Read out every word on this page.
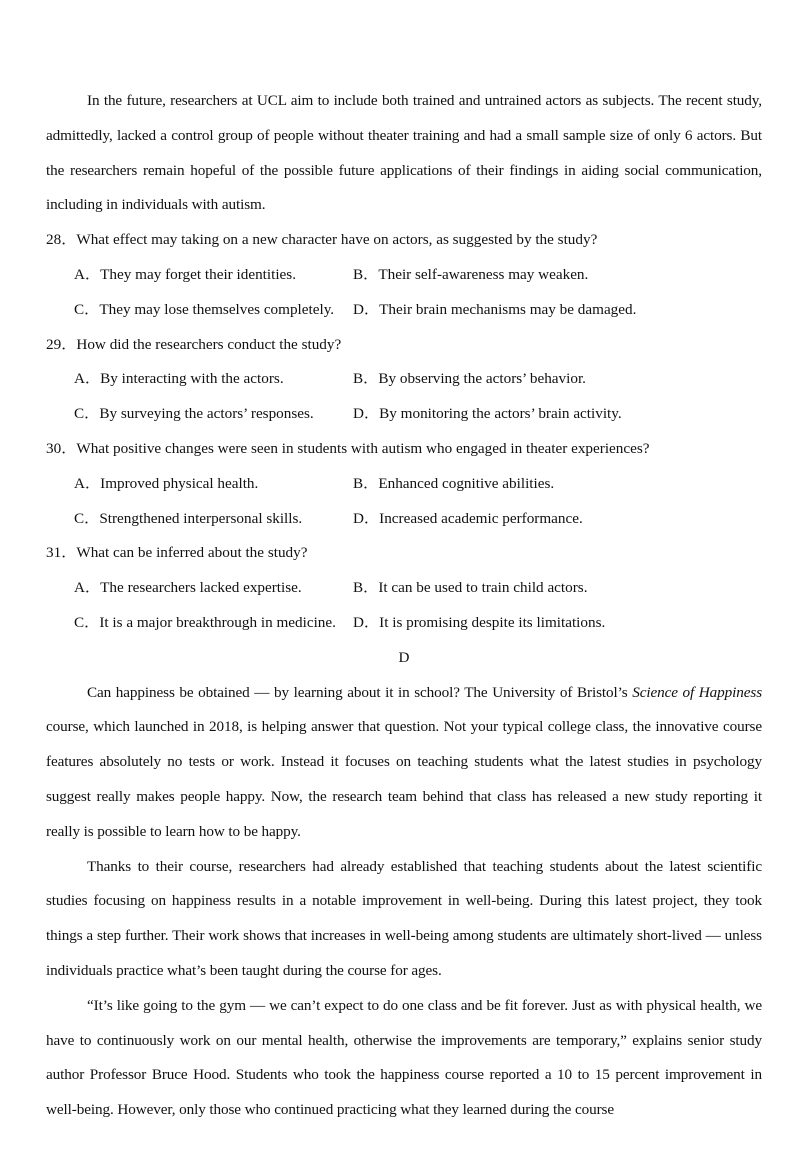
In the future, researchers at UCL aim to include both trained and untrained actors as subjects. The recent study, admittedly, lacked a control group of people without theater training and had a small sample size of only 6 actors. But the researchers remain hopeful of the possible future applications of their findings in aiding social communication, including in individuals with autism.

28．What effect may taking on a new character have on actors, as suggested by the study?

A．They may forget their identities.	B．Their self-awareness may weaken.
C．They may lose themselves completely.	D．Their brain mechanisms may be damaged.

29．How did the researchers conduct the study?

A．By interacting with the actors.	B．By observing the actors’ behavior.
C．By surveying the actors’ responses.	D．By monitoring the actors’ brain activity.

30．What positive changes were seen in students with autism who engaged in theater experiences?

A．Improved physical health.	B．Enhanced cognitive abilities.
C．Strengthened interpersonal skills.	D．Increased academic performance.

31．What can be inferred about the study?

A．The researchers lacked expertise.	B．It can be used to train child actors.
C．It is a major breakthrough in medicine.	D．It is promising despite its limitations.

D

Can happiness be obtained — by learning about it in school? The University of Bristol’s Science of Happiness course, which launched in 2018, is helping answer that question. Not your typical college class, the innovative course features absolutely no tests or work. Instead it focuses on teaching students what the latest studies in psychology suggest really makes people happy. Now, the research team behind that class has released a new study reporting it really is possible to learn how to be happy.

Thanks to their course, researchers had already established that teaching students about the latest scientific studies focusing on happiness results in a notable improvement in well-being. During this latest project, they took things a step further. Their work shows that increases in well-being among students are ultimately short-lived — unless individuals practice what’s been taught during the course for ages.

“It’s like going to the gym — we can’t expect to do one class and be fit forever. Just as with physical health, we have to continuously work on our mental health, otherwise the improvements are temporary,” explains senior study author Professor Bruce Hood. Students who took the happiness course reported a 10 to 15 percent improvement in well-being. However, only those who continued practicing what they learned during the course
